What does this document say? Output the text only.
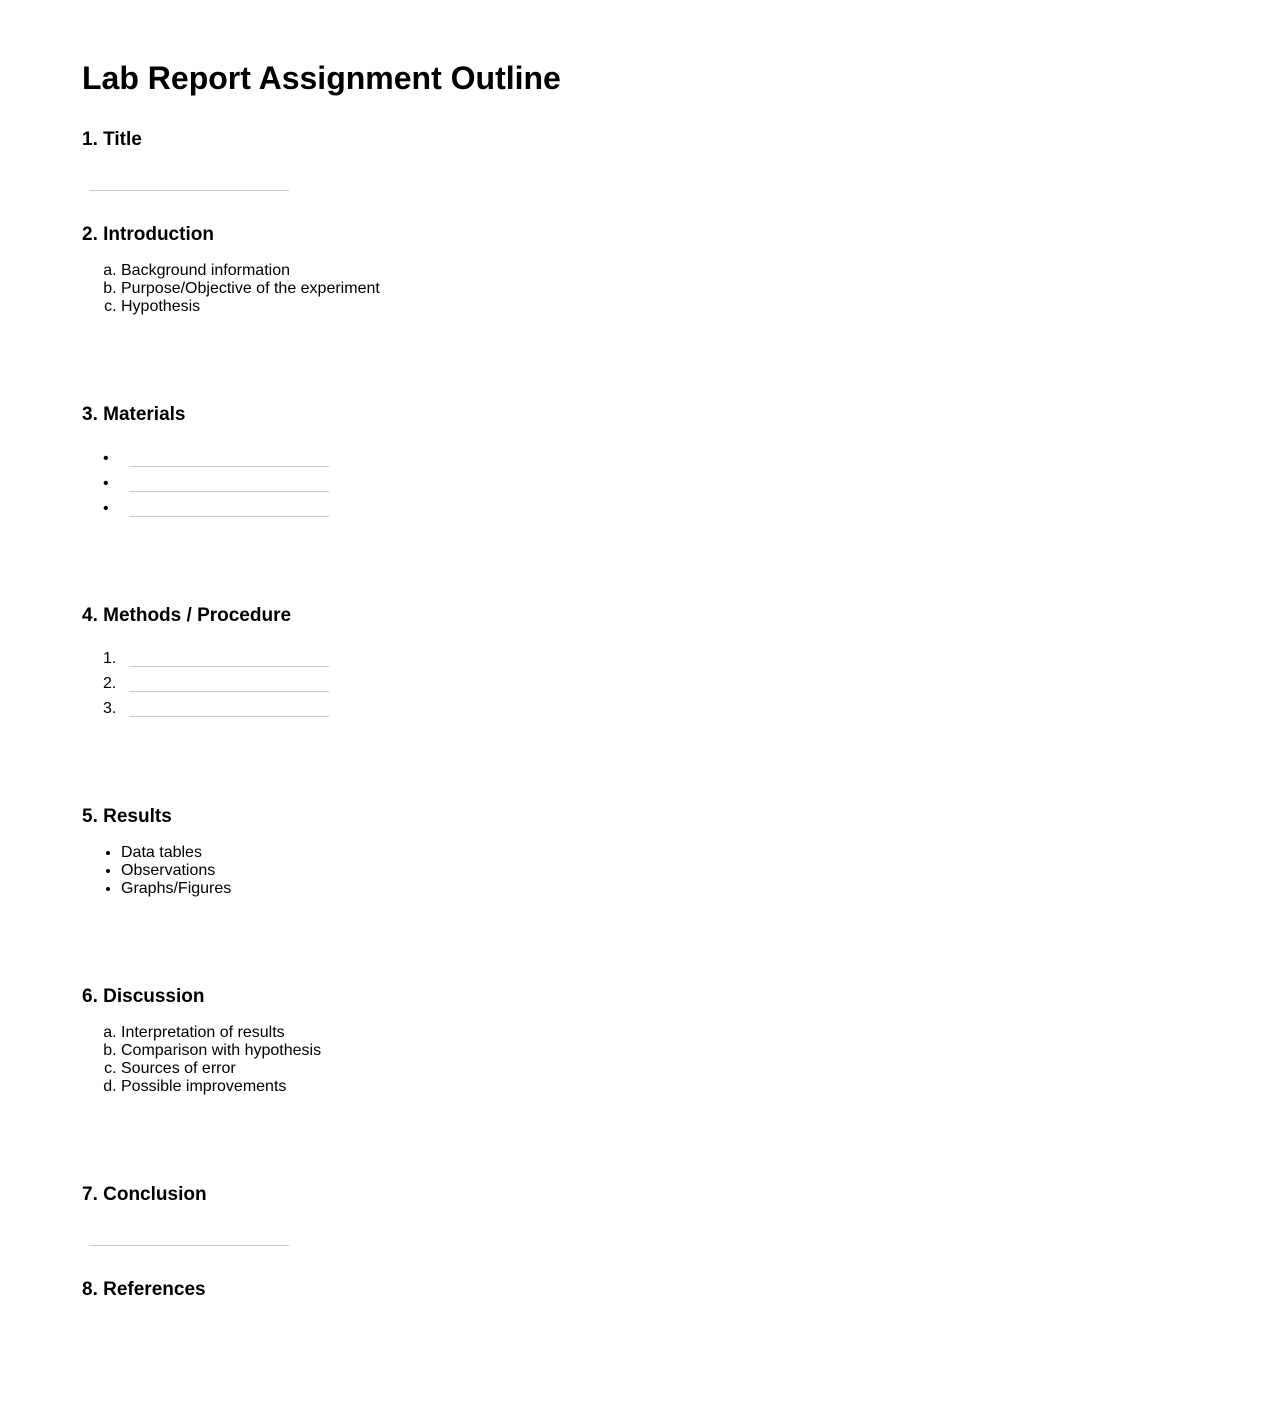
Lab Report Assignment Outline
1. Title
2. Introduction
a. Background information
b. Purpose/Objective of the experiment
c. Hypothesis
3. Materials
•
•
•
4. Methods / Procedure
1.
2.
3.
5. Results
• Data tables
• Observations
• Graphs/Figures
6. Discussion
a. Interpretation of results
b. Comparison with hypothesis
c. Sources of error
d. Possible improvements
7. Conclusion
8. References
